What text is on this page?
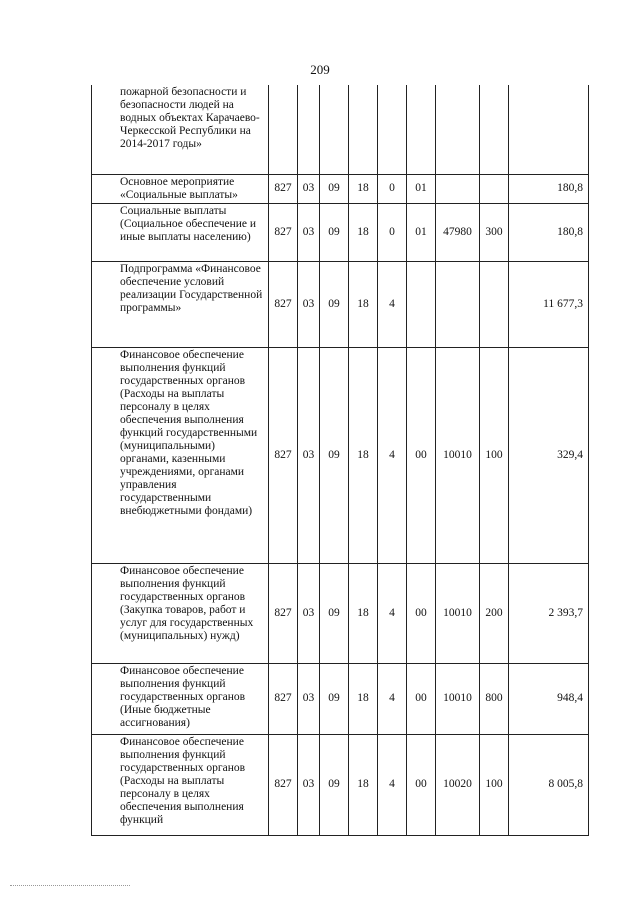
209
пожарной безопасности и безопасности людей на водных объектах Карачаево-Черкесской Республики на 2014-2017 годы»									
Основное мероприятие «Социальные выплаты»	827	03	09	18	0	01			180,8
Социальные выплаты (Социальное обеспечение и иные выплаты населению)	827	03	09	18	0	01	47980	300	180,8
Подпрограмма «Финансовое обеспечение условий реализации Государственной программы»	827	03	09	18	4				11 677,3
Финансовое обеспечение выполнения функций государственных органов (Расходы на выплаты персоналу в целях обеспечения выполнения функций государственными (муниципальными) органами, казенными учреждениями, органами управления государственными внебюджетными фондами)	827	03	09	18	4	00	10010	100	329,4
Финансовое обеспечение выполнения функций государственных органов (Закупка товаров, работ и услуг для государственных (муниципальных) нужд)	827	03	09	18	4	00	10010	200	2 393,7
Финансовое обеспечение выполнения функций государственных органов (Иные бюджетные ассигнования)	827	03	09	18	4	00	10010	800	948,4
Финансовое обеспечение выполнения функций государственных органов (Расходы на выплаты персоналу в целях обеспечения выполнения функций	827	03	09	18	4	00	10020	100	8 005,8
